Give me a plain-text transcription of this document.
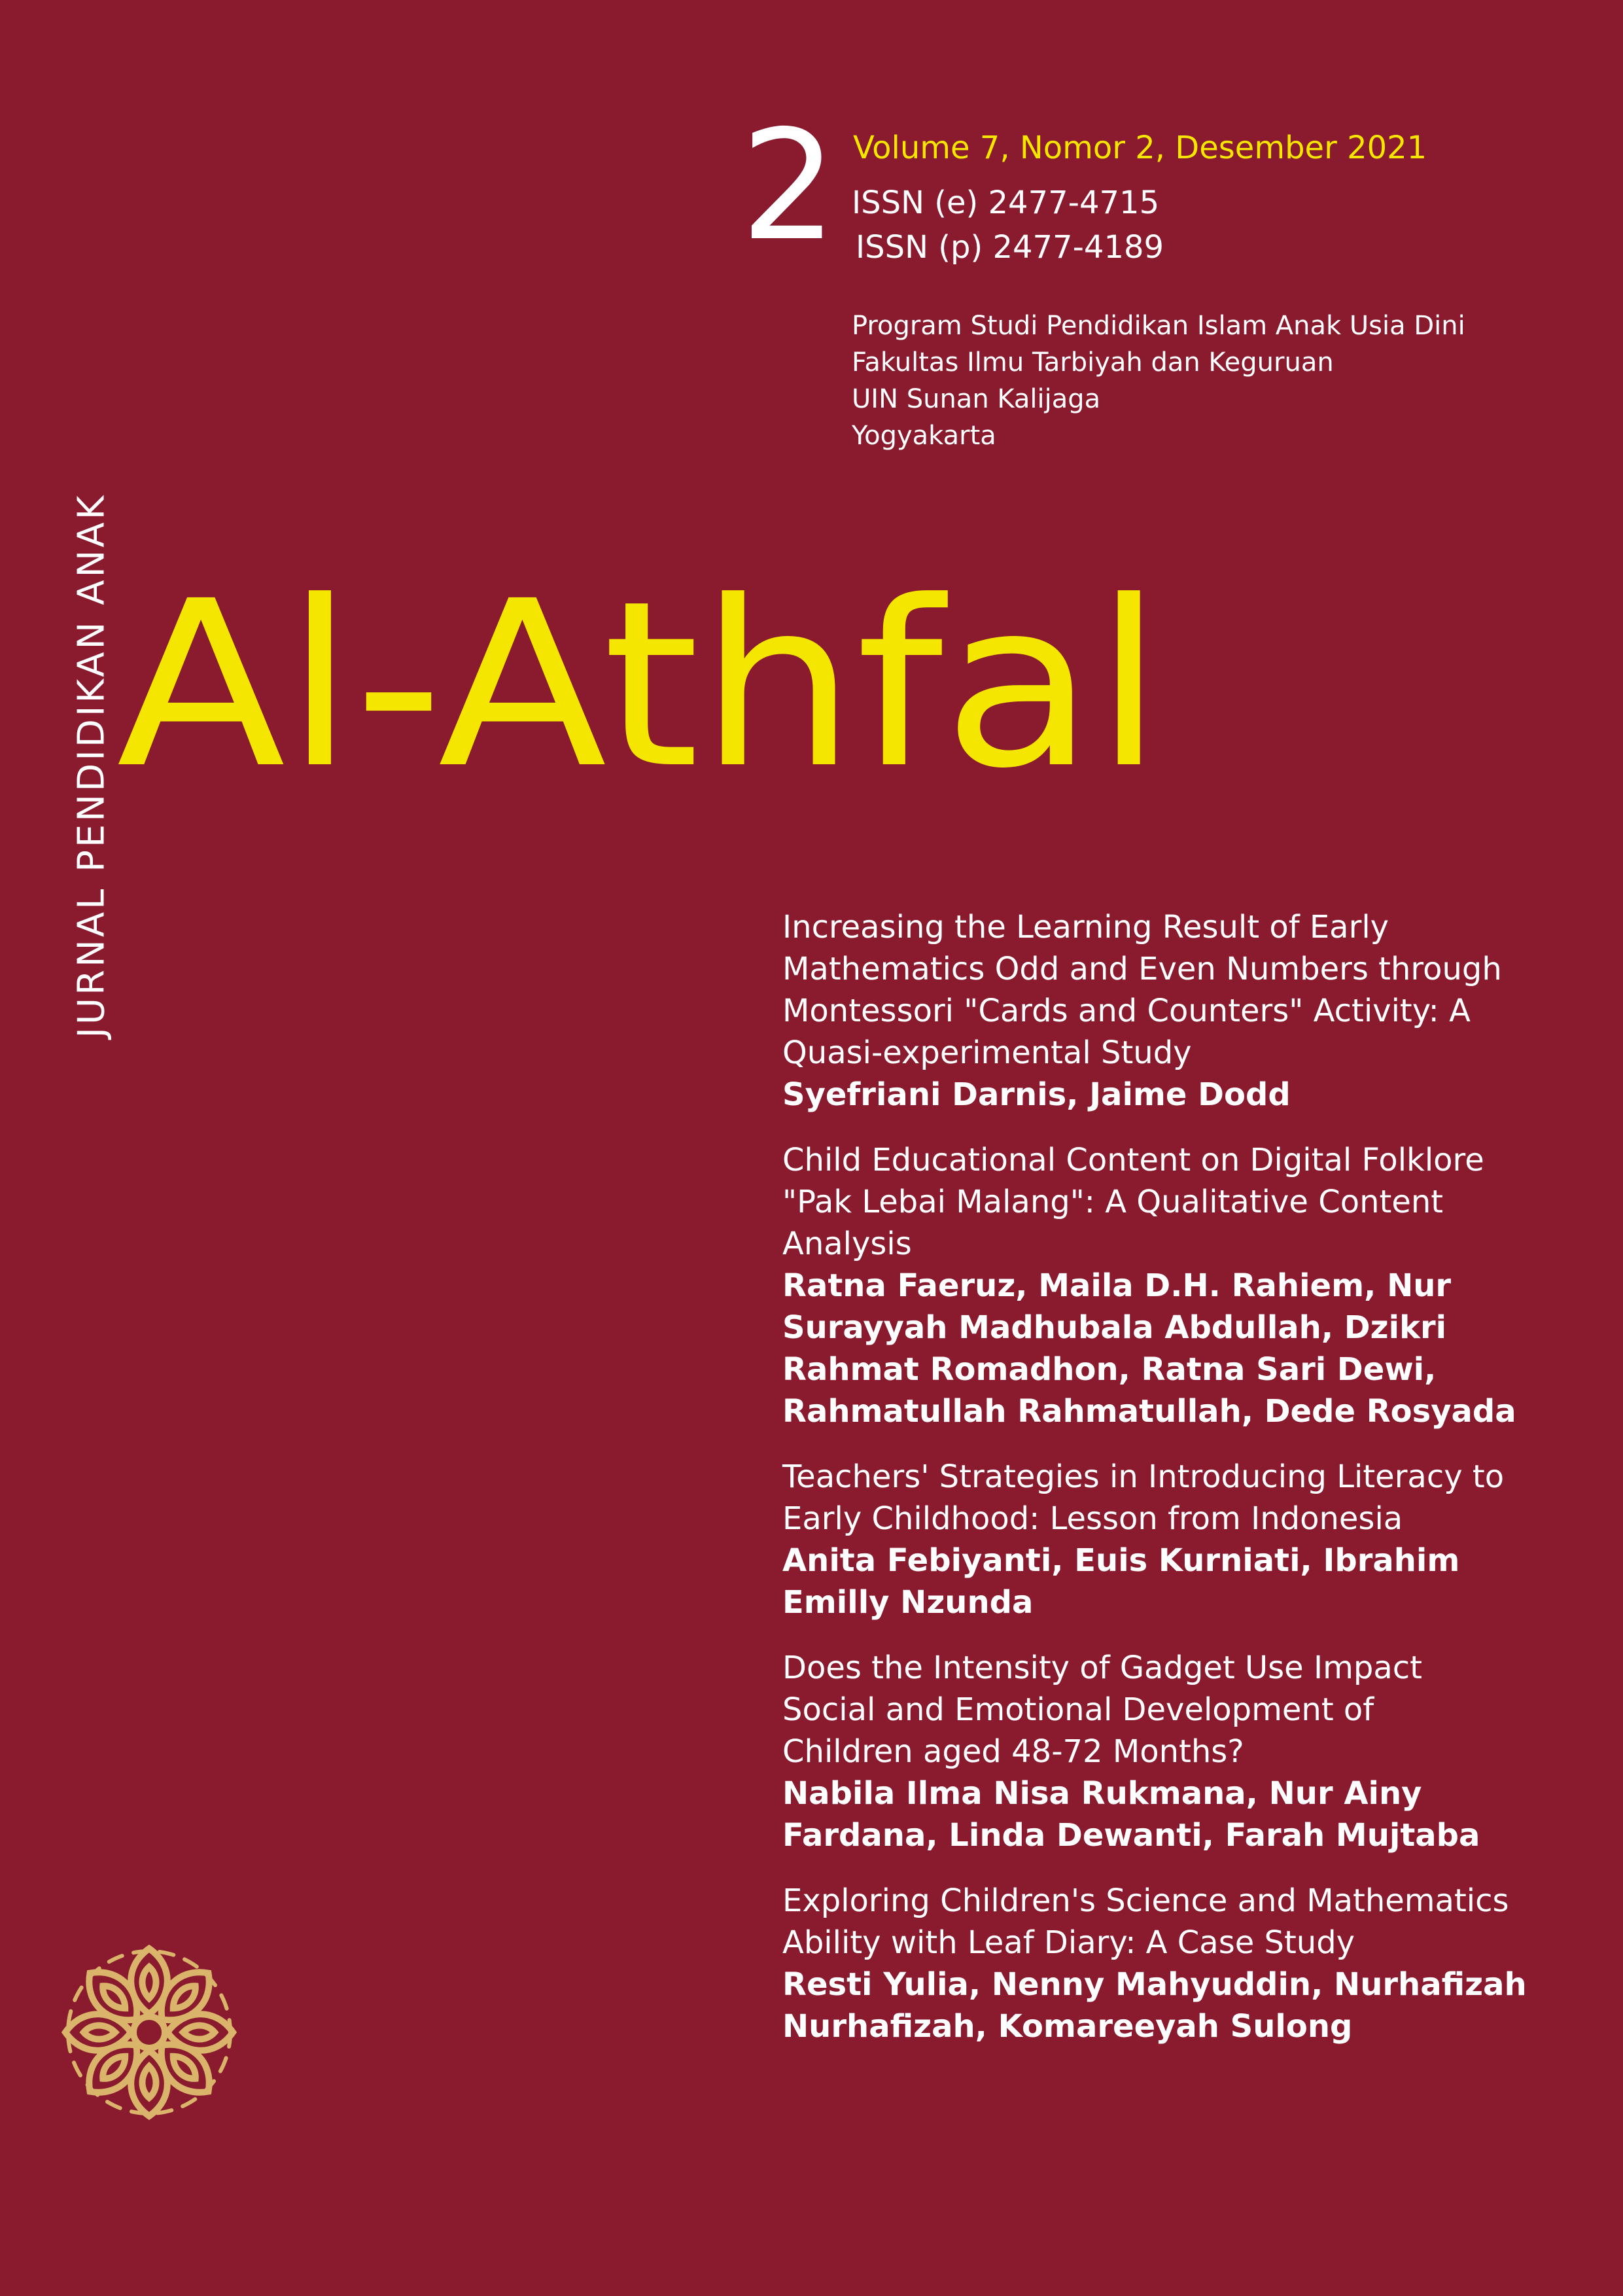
JURNAL PENDIDIKAN ANAK
2 Volume 7, Nomor 2, Desember 2021
ISSN (e) 2477-4715
ISSN (p) 2477-4189
Program Studi Pendidikan Islam Anak Usia Dini
Fakultas Ilmu Tarbiyah dan Keguruan
UIN Sunan Kalijaga
Yogyakarta
Al-Athfal
Increasing the Learning Result of Early
Mathematics Odd and Even Numbers through
Montessori "Cards and Counters" Activity: A
Quasi-experimental Study
Syefriani Darnis, Jaime Dodd
Child Educational Content on Digital Folklore
"Pak Lebai Malang": A Qualitative Content
Analysis
Ratna Faeruz, Maila D.H. Rahiem, Nur
Surayyah Madhubala Abdullah, Dzikri
Rahmat Romadhon, Ratna Sari Dewi,
Rahmatullah Rahmatullah, Dede Rosyada
Teachers' Strategies in Introducing Literacy to
Early Childhood: Lesson from Indonesia
Anita Febiyanti, Euis Kurniati, Ibrahim
Emilly Nzunda
Does the Intensity of Gadget Use Impact
Social and Emotional Development of
Children aged 48-72 Months?
Nabila Ilma Nisa Rukmana, Nur Ainy
Fardana, Linda Dewanti, Farah Mujtaba
Exploring Children's Science and Mathematics
Ability with Leaf Diary: A Case Study
Resti Yulia, Nenny Mahyuddin, Nurhafizah
Nurhafizah, Komareeyah Sulong
